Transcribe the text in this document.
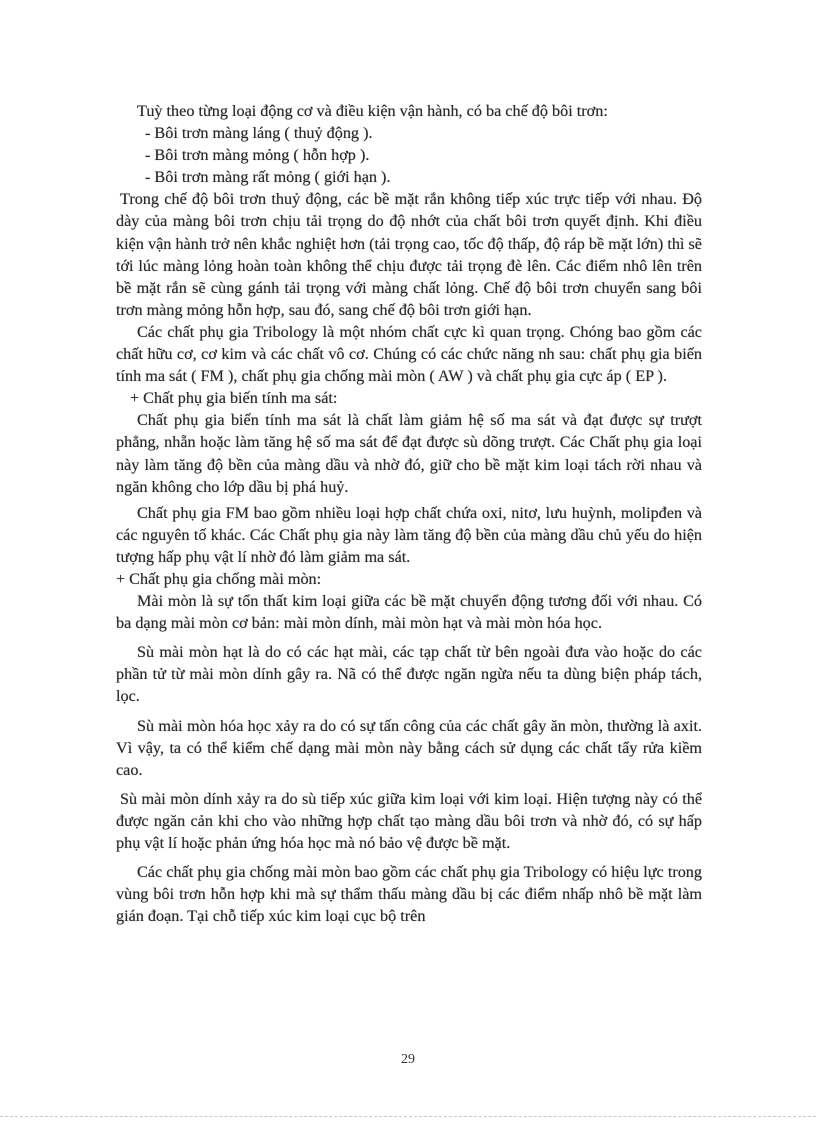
Tuỳ theo từng loại động cơ và điều kiện vận hành, có ba chế độ bôi trơn:

- Bôi trơn màng láng ( thuỷ động ).

- Bôi trơn màng mỏng ( hỗn hợp ).

- Bôi trơn màng rất mỏng ( giới hạn ).

Trong chế độ bôi trơn thuỷ động, các bề mặt rắn không tiếp xúc trực tiếp với nhau. Độ dày của màng bôi trơn chịu tải trọng do độ nhớt của chất bôi trơn quyết định. Khi điều kiện vận hành trở nên khắc nghiệt hơn (tải trọng cao, tốc độ thấp, độ ráp bề mặt lớn) thì sẽ tới lúc màng lỏng hoàn toàn không thể chịu được tải trọng đè lên. Các điểm nhô lên trên bề mặt rắn sẽ cùng gánh tải trọng với màng chất lỏng. Chế độ bôi trơn chuyển sang bôi trơn màng mỏng hỗn hợp, sau đó, sang chế độ bôi trơn giới hạn.

Các chất phụ gia Tribology là một nhóm chất cực kì quan trọng. Chóng bao gồm các chất hữu cơ, cơ kim và các chất vô cơ. Chúng có các chức năng nh sau: chất phụ gia biến tính ma sát ( FM ), chất phụ gia chống mài mòn ( AW ) và chất phụ gia cực áp ( EP ).

+ Chất phụ gia biến tính ma sát:

Chất phụ gia biến tính ma sát là chất làm giảm hệ số ma sát và đạt được sự trượt phẳng, nhẵn hoặc làm tăng hệ số ma sát để đạt được sù dõng trượt. Các Chất phụ gia loại này làm tăng độ bền của màng dầu và nhờ đó, giữ cho bề mặt kim loại tách rời nhau và ngăn không cho lớp dầu bị phá huỷ.

Chất phụ gia FM bao gồm nhiều loại hợp chất chứa oxi, nitơ, lưu huỳnh, molipđen và các nguyên tố khác. Các Chất phụ gia này làm tăng độ bền của màng dầu chủ yếu do hiện tượng hấp phụ vật lí nhờ đó làm giảm ma sát.

+ Chất phụ gia chống mài mòn:

Mài mòn là sự tổn thất kim loại giữa các bề mặt chuyển động tương đối với nhau. Có ba dạng mài mòn cơ bản: mài mòn dính, mài mòn hạt và mài mòn hóa học.

Sù mài mòn hạt là do có các hạt mài, các tạp chất từ bên ngoài đưa vào hoặc do các phần tử từ mài mòn dính gây ra. Nã có thể được ngăn ngừa nếu ta dùng biện pháp tách, lọc.

Sù mài mòn hóa học xảy ra do có sự tấn công của các chất gây ăn mòn, thường là axit. Vì vậy, ta có thể kiểm chế dạng mài mòn này bằng cách sử dụng các chất tẩy rửa kiềm cao.

Sù mài mòn dính xảy ra do sù tiếp xúc giữa kim loại với kim loại. Hiện tượng này có thể được ngăn cản khi cho vào những hợp chất tạo màng dầu bôi trơn và nhờ đó, có sự hấp phụ vật lí hoặc phản ứng hóa học mà nó bảo vệ được bề mặt.

Các chất phụ gia chống mài mòn bao gồm các chất phụ gia Tribology có hiệu lực trong vùng bôi trơn hỗn hợp khi mà sự thẩm thấu màng dầu bị các điểm nhấp nhô bề mặt làm gián đoạn. Tại chỗ tiếp xúc kim loại cục bộ trên

29
